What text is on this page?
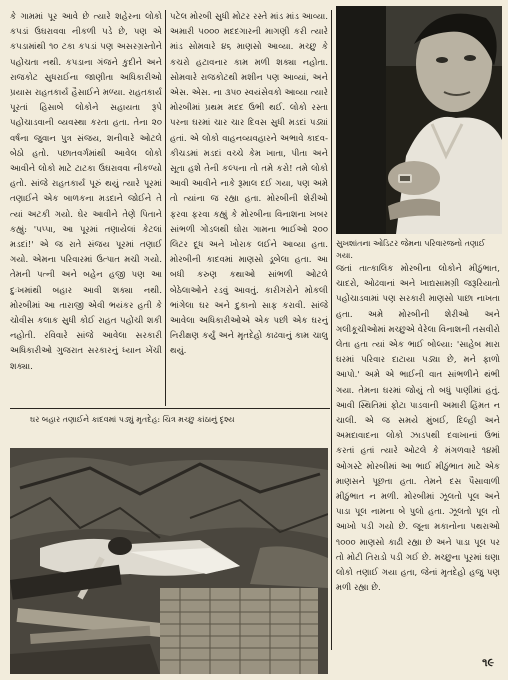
કે ગામમાં પૂર આવે છે ત્યારે શહેરના લોકો કપડાં ઉઘરાવવા નીકળી પડે છે, પણ એ કપડામાંથી ૧૦ ટકા કપડાં પણ અસરગ્રસ્તોને પહોંચતા નથી. કપડાના ગંજને કુદીને અને રાજકોટ સુધરાઈના જાણીતા અધિકારીઓ પ્રયાસ રાહતકાર્ય હૈસાઈને મળ્યા. રાહતકાર્ય પૂરતાં હિસાબે લોકોને સહાયતા રૂપે પહોંચાડવાની વ્યવસ્થા કરતા હતા. તેના ૨૦ વર્ષના જુવાન પુત્ર સંજય, શનીવારે ઓટલે બેઠો હતો. પછાતવર્ગમાંથી આવેલ લોકો આવીને લોકો માટે ટાટકા ઉઘરાવવા નીકળ્યો હતો. સાંજે રાહતકાર્ય પૂરું થયું ત્યારે પૂરમાં તણાઈને એક બાળકના મડદાને જોઈને તે ત્યાં અટકી ગયો. ઘેર આવીને તેણે પિતાને કહ્યું: 'પપ્પા, આ પૂરમાં તણાયેલાં કેટલાં મડદાં!' એ જ રાતે સંજય પૂરમાં તણાઈ ગયો. એમના પરિવારમાં ઉત્પાત મચી ગયો. તેમની પત્ની અને બહેન હજી પણ આ દુઃખમાંથી બહાર આવી શક્યા નથી. મોરબીમાં આ તારાજી એવી ભયંકર હતી કે ચોવીસ કલાક સુધી કોઈ રાહત પહોંચી શકી નહોતી. રવિવારે સાંજે આવેલા સરકારી અધિકારીઓ ગુજરાત સરકારનું ધ્યાન ખેંચી શક્યા.
પટેલ મોરબી સુધી મોટર રસ્તે માંડ માંડ આવ્યા. અમારી ૫૦૦૦ મદદગારની માગણી કરી ત્યારે માંડ સોમવારે ૪૬ માણસો આવ્યા. મચ્છુ કે કચરો હટાવનાર કામ મળી શક્યા નહોતા. સોમવારે રાજકોટથી મશીન પણ આવ્યાં, અને એસ. એસ. ના ૩૫૦ સ્વયંસેવકો આવ્યા ત્યારે મોરબીમાં પ્રથમ મદદ ઉભી થઈ. લોકો રસ્તા પરના ઘરમાં ચાર ચાર દિવસ સુધી મડદાં પડ્યાં હતાં. એ લોકો વાહનવ્યવહારને અભાવે કાદવ-કીચડમાં મડદાં વચ્ચે કેમ ખાતા, પીતા અને સૂતા હશે તેની કલ્પના તો તમે કરો! તમે લોકો આવી આવીને નાકે રૂમાલ દઈ ગયા, પણ અમે તો ત્યાંના જ રહ્યા હતા. મોરબીની શેરીઓ ફરવા ફરવા કહ્યું કે મોરબીના વિનાશના ખબર સાંભળી ગોંડલથી ઘોરા ગામના ભાઈઓ ૨૦૦ લિટર દૂધ અને ખોરાક લઈને આવ્યા હતા. મોરબીની કાદવમાં માણસો ડૂબેલા હતા. આ બધી કરુણ કથાઓ સાંભળી ઓટલે બેઠેલાઓને રડવું આવતું. કારીગરોને મોકલી ભાંગેલા ઘર અને દુકાનો સાફ કરાવી. સાંજે આવેલા અધિકારીઓએ એક પછી એક ઘરનું નિરીક્ષણ કર્યું અને મૃતદેહો કાઢવાનું કામ ચાલુ થયું.
સુખશાંતના ઓડિટર જેમના પરિવારજનો તણાઈ ગયા.
જતાં તાત્કાલિક મોરબીના લોકોને મીઠુંભાત, ચાદરો, ઓઢવાનાં અને ખાદ્યસામગ્રી જરૂરિયાતો પહોંચાડવામાં પણ સરકારી માણસો પાછા નાખતા હતા. અમે મોરબીની શેરીઓ અને ગલીકૂચીઓમાં મચ્છુએ વેરેલા વિનાશની તસવીરો લેતા હતા ત્યાં એક ભાઈ બોલ્યા: 'સાહેબ મારા ઘરમાં પરિવાર દાટાયા પડ્યા છે, મને ફાળો આપો.' અમે એ ભાઈની વાત સાંભળીને થંભી ગયા. તેમના ઘરમાં જોયું તો બધું પાણીમાં હતું. આવી સ્થિતિમાં ફોટા પાડવાની અમારી હિંમત ન ચાલી. એ જ સમયે મુંબઈ, દિલ્હી અને અમદાવાદના લોકો ઝાડપથી દવાખાનાં ઉભાં કરતાં હતાં ત્યારે ઓટલે કે મંગળવારે ૧૪મી ઓગસ્ટે મોરબીમાં આ ભાઈ મીઠુંભાત માટે એક માણસને પૂછતા હતા. તેમને દસ પૈસાવાળી મીઠુંભાત ન મળી. મોરબીમાં ઝૂલતો પૂલ અને પાડા પૂલ નામના બે પુલો હતા. ઝૂલતો પૂલ તો આખો પડી ગયો છે. જૂના મકાનોના પથરાઓ ૧૦૦૦ માણસો કાઢી રહ્યા છે અને પાડા પૂલ પર તો મોટી તિરાડો પડી ગઈ છે. મચ્છુના પૂરમાં ઘણા લોકો તણાઈ ગયા હતા, જેનાં મૃતદેહો હજુ પણ મળી રહ્યા છે.
ઘર બહાર તણાઈને કાદવમાં પડ્યું મૃતદેહ: ચિત્ર મચ્છુ કાંઠાનું દૃશ્ય
૧૯
